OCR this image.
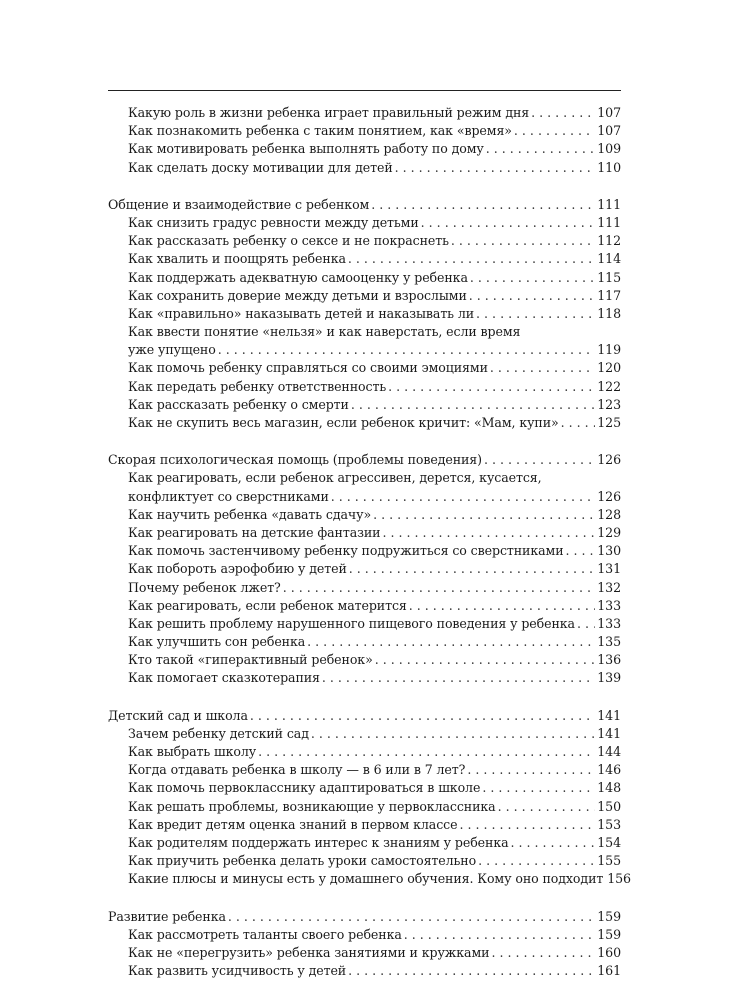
Какую роль в жизни ребенка играет правильный режим дня . . .	107
Как познакомить ребенка с таким понятием, как «время» . . .	107
Как мотивировать ребенка выполнять работу по дому . . .	109
Как сделать доску мотивации для детей . . .	110
Общение и взаимодействие с ребенком . . .	111
Как снизить градус ревности между детьми . . .	111
Как рассказать ребенку о сексе и не покраснеть . . .	112
Как хвалить и поощрять ребенка . . .	114
Как поддержать адекватную самооценку у ребенка . . .	115
Как сохранить доверие между детьми и взрослыми . . .	117
Как «правильно» наказывать детей и наказывать ли . . .	118
Как ввести понятие «нельзя» и как наверстать, если время
уже упущено . . .	119
Как помочь ребенку справляться со своими эмоциями . . .	120
Как передать ребенку ответственность . . .	122
Как рассказать ребенку о смерти . . .	123
Как не скупить весь магазин, если ребенок кричит: «Мам, купи» . . .	125
Скорая психологическая помощь (проблемы поведения) . . .	126
Как реагировать, если ребенок агрессивен, дерется, кусается,
конфликтует со сверстниками . . .	126
Как научить ребенка «давать сдачу» . . .	128
Как реагировать на детские фантазии . . .	129
Как помочь застенчивому ребенку подружиться со сверстниками . . .	130
Как побороть аэрофобию у детей . . .	131
Почему ребенок лжет? . . .	132
Как реагировать, если ребенок матерится . . .	133
Как решить проблему нарушенного пищевого поведения у ребенка . . . 133
Как улучшить сон ребенка . . .	135
Кто такой «гиперактивный ребенок» . . .	136
Как помогает сказкотерапия . . .	139
Детский сад и школа . . .	141
Зачем ребенку детский сад . . .	141
Как выбрать школу . . .	144
Когда отдавать ребенка в школу — в 6 или в 7 лет? . . .	146
Как помочь первокласснику адаптироваться в школе . . .	148
Как решать проблемы, возникающие у первоклассника . . .	150
Как вредит детям оценка знаний в первом классе . . .	153
Как родителям поддержать интерес к знаниям у ребенка . . .	154
Как приучить ребенка делать уроки самостоятельно . . .	155
Какие плюсы и минусы есть у домашнего обучения. Кому оно подходит 156
Развитие ребенка . . .	159
Как рассмотреть таланты своего ребенка . . .	159
Как не «перегрузить» ребенка занятиями и кружками . . .	160
Как развить усидчивость у детей . . .	161
